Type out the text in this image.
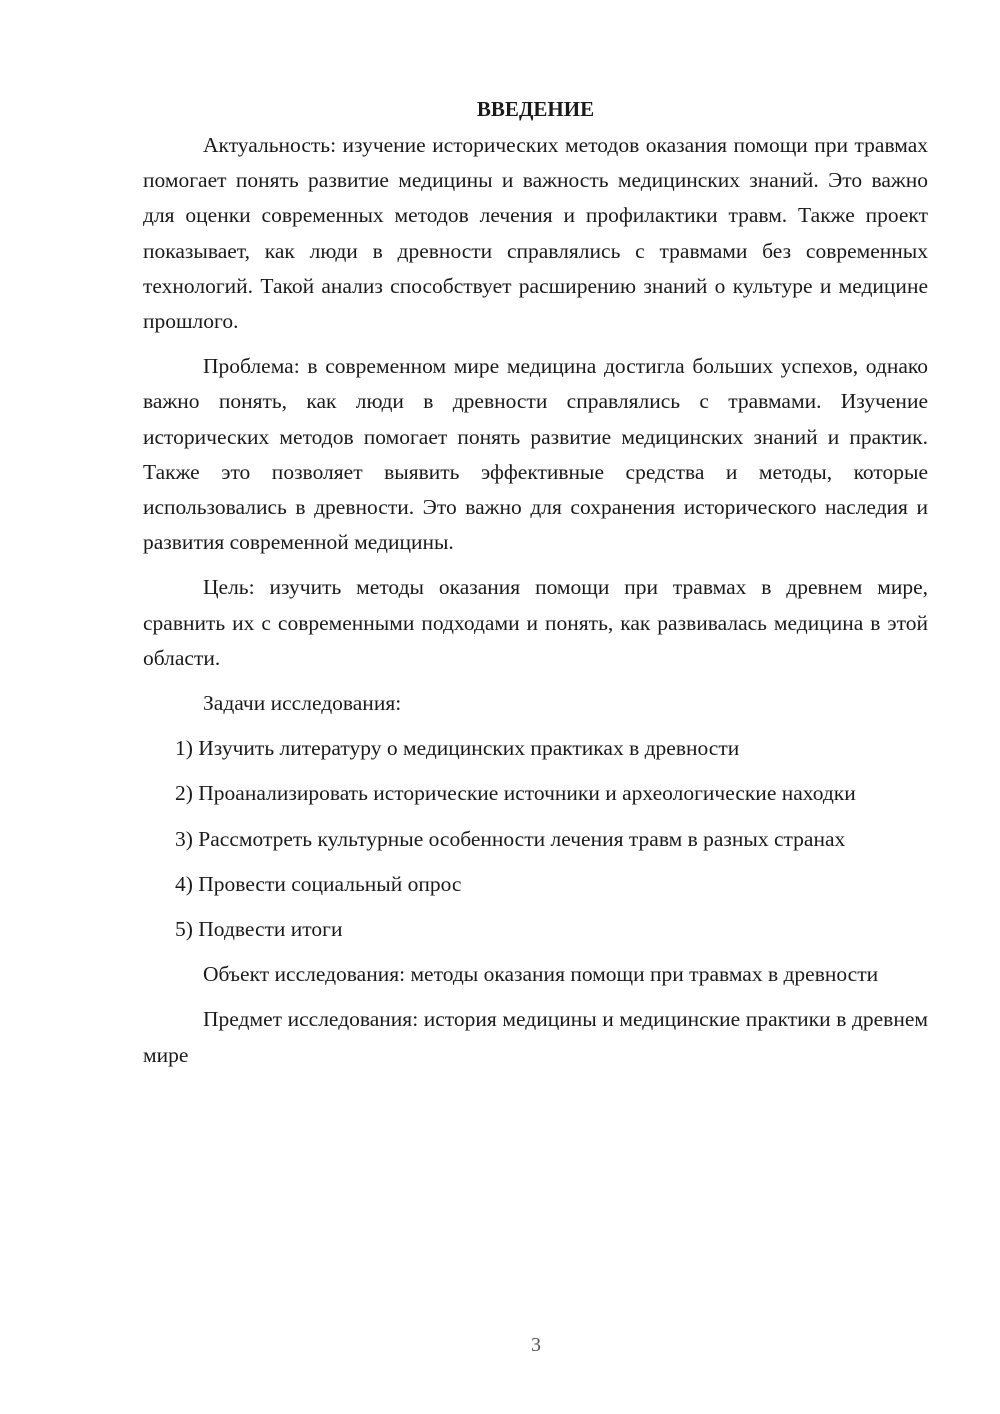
ВВЕДЕНИЕ

Актуальность: изучение исторических методов оказания помощи при травмах помогает понять развитие медицины и важность медицинских знаний. Это важно для оценки современных методов лечения и профилактики травм. Также проект показывает, как люди в древности справлялись с травмами без современных технологий. Такой анализ способствует расширению знаний о культуре и медицине прошлого.

Проблема: в современном мире медицина достигла больших успехов, однако важно понять, как люди в древности справлялись с травмами. Изучение исторических методов помогает понять развитие медицинских знаний и практик. Также это позволяет выявить эффективные средства и методы, которые использовались в древности. Это важно для сохранения исторического наследия и развития современной медицины.

Цель: изучить методы оказания помощи при травмах в древнем мире, сравнить их с современными подходами и понять, как развивалась медицина в этой области.

Задачи исследования:

1) Изучить литературу о медицинских практиках в древности

2) Проанализировать исторические источники и археологические находки

3) Рассмотреть культурные особенности лечения травм в разных странах

4) Провести социальный опрос

5) Подвести итоги

Объект исследования: методы оказания помощи при травмах в древности

Предмет исследования: история медицины и медицинские практики в древнем мире

3
